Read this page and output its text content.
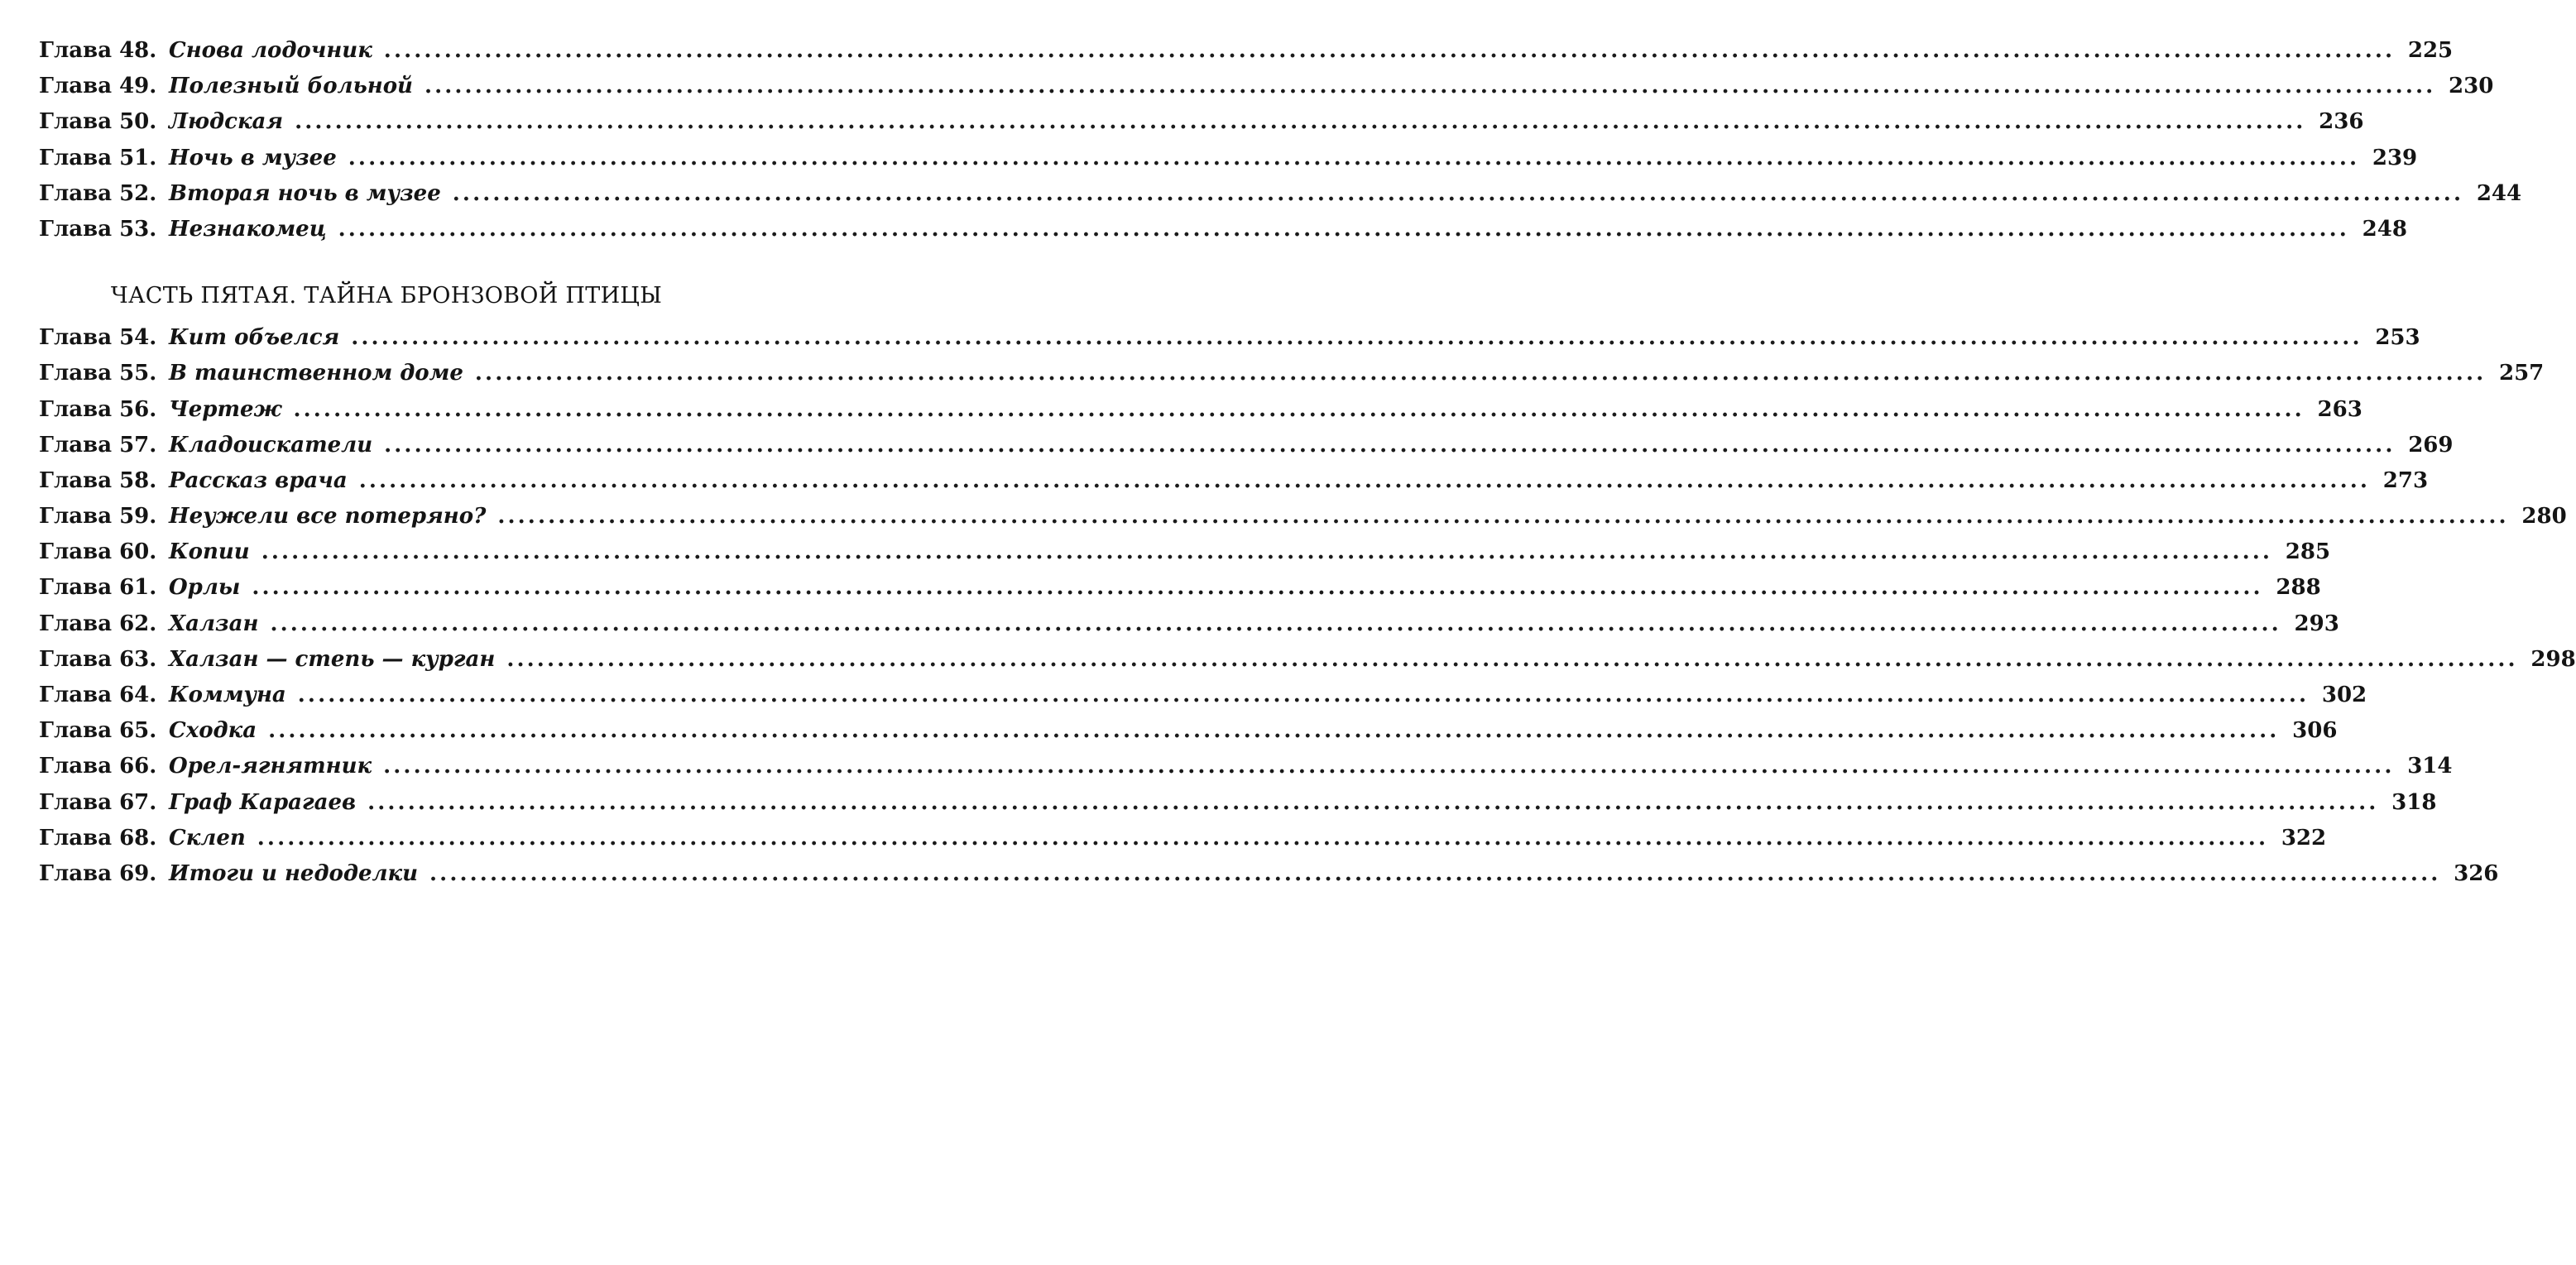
Глава 48. Снова лодочник ........................................................................................................................................................................................................ 225
Глава 49. Полезный больной ........................................................................................................................................................................................................ 230
Глава 50. Людская ........................................................................................................................................................................................................ 236
Глава 51. Ночь в музее ........................................................................................................................................................................................................ 239
Глава 52. Вторая ночь в музее ........................................................................................................................................................................................................ 244
Глава 53. Незнакомец ........................................................................................................................................................................................................ 248
ЧАСТЬ ПЯТАЯ. ТАЙНА БРОНЗОВОЙ ПТИЦЫ
Глава 54. Кит объелся ........................................................................................................................................................................................................ 253
Глава 55. В таинственном доме ........................................................................................................................................................................................................ 257
Глава 56. Чертеж ........................................................................................................................................................................................................ 263
Глава 57. Кладоискатели ........................................................................................................................................................................................................ 269
Глава 58. Рассказ врача ........................................................................................................................................................................................................ 273
Глава 59. Неужели все потеряно? ........................................................................................................................................................................................................ 280
Глава 60. Копии ........................................................................................................................................................................................................ 285
Глава 61. Орлы ........................................................................................................................................................................................................ 288
Глава 62. Халзан ........................................................................................................................................................................................................ 293
Глава 63. Халзан — степь — курган ........................................................................................................................................................................................................ 298
Глава 64. Коммуна ........................................................................................................................................................................................................ 302
Глава 65. Сходка ........................................................................................................................................................................................................ 306
Глава 66. Орел-ягнятник ........................................................................................................................................................................................................ 314
Глава 67. Граф Карагаев ........................................................................................................................................................................................................ 318
Глава 68. Склеп ........................................................................................................................................................................................................ 322
Глава 69. Итоги и недоделки ........................................................................................................................................................................................................ 326
